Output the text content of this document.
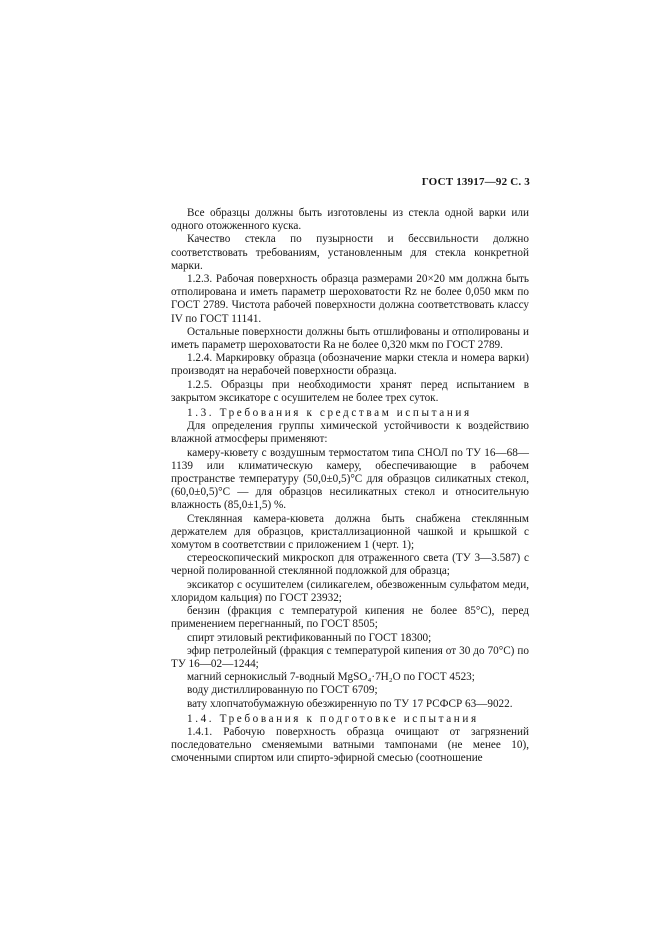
ГОСТ 13917—92 С. 3

Все образцы должны быть изготовлены из стекла одной варки или одного отожженного куска.

Качество стекла по пузырности и бессвильности должно соответствовать требованиям, установленным для стекла конкретной марки.

1.2.3. Рабочая поверхность образца размерами 20×20 мм должна быть отполирована и иметь параметр шероховатости Rz не более 0,050 мкм по ГОСТ 2789. Чистота рабочей поверхности должна соответствовать классу IV по ГОСТ 11141.

Остальные поверхности должны быть отшлифованы и отполированы и иметь параметр шероховатости Ra не более 0,320 мкм по ГОСТ 2789.

1.2.4. Маркировку образца (обозначение марки стекла и номера варки) производят на нерабочей поверхности образца.

1.2.5. Образцы при необходимости хранят перед испытанием в закрытом эксикаторе с осушителем не более трех суток.

1.3. Требования к средствам испытания

Для определения группы химической устойчивости к воздействию влажной атмосферы применяют:

камеру-кювету с воздушным термостатом типа СНОЛ по ТУ 16—68—1139 или климатическую камеру, обеспечивающие в рабочем пространстве температуру (50,0±0,5)°С для образцов силикатных стекол, (60,0±0,5)°С — для образцов несиликатных стекол и относительную влажность (85,0±1,5) %.

Стеклянная камера-кювета должна быть снабжена стеклянным держателем для образцов, кристаллизационной чашкой и крышкой с хомутом в соответствии с приложением 1 (черт. 1);

стереоскопический микроскоп для отраженного света (ТУ 3—3.587) с черной полированной стеклянной подложкой для образца;

эксикатор с осушителем (силикагелем, обезвоженным сульфатом меди, хлоридом кальция) по ГОСТ 23932;

бензин (фракция с температурой кипения не более 85°С), перед применением перегнанный, по ГОСТ 8505;

спирт этиловый ректификованный по ГОСТ 18300;

эфир петролейный (фракция с температурой кипения от 30 до 70°С) по ТУ 16—02—1244;

магний сернокислый 7-водный MgSO₄·7H₂O по ГОСТ 4523;

воду дистиллированную по ГОСТ 6709;

вату хлопчатобумажную обезжиренную по ТУ 17 РСФСР 63—9022.

1.4. Требования к подготовке испытания

1.4.1. Рабочую поверхность образца очищают от загрязнений последовательно сменяемыми ватными тампонами (не менее 10), смоченными спиртом или спирто-эфирной смесью (соотношение
